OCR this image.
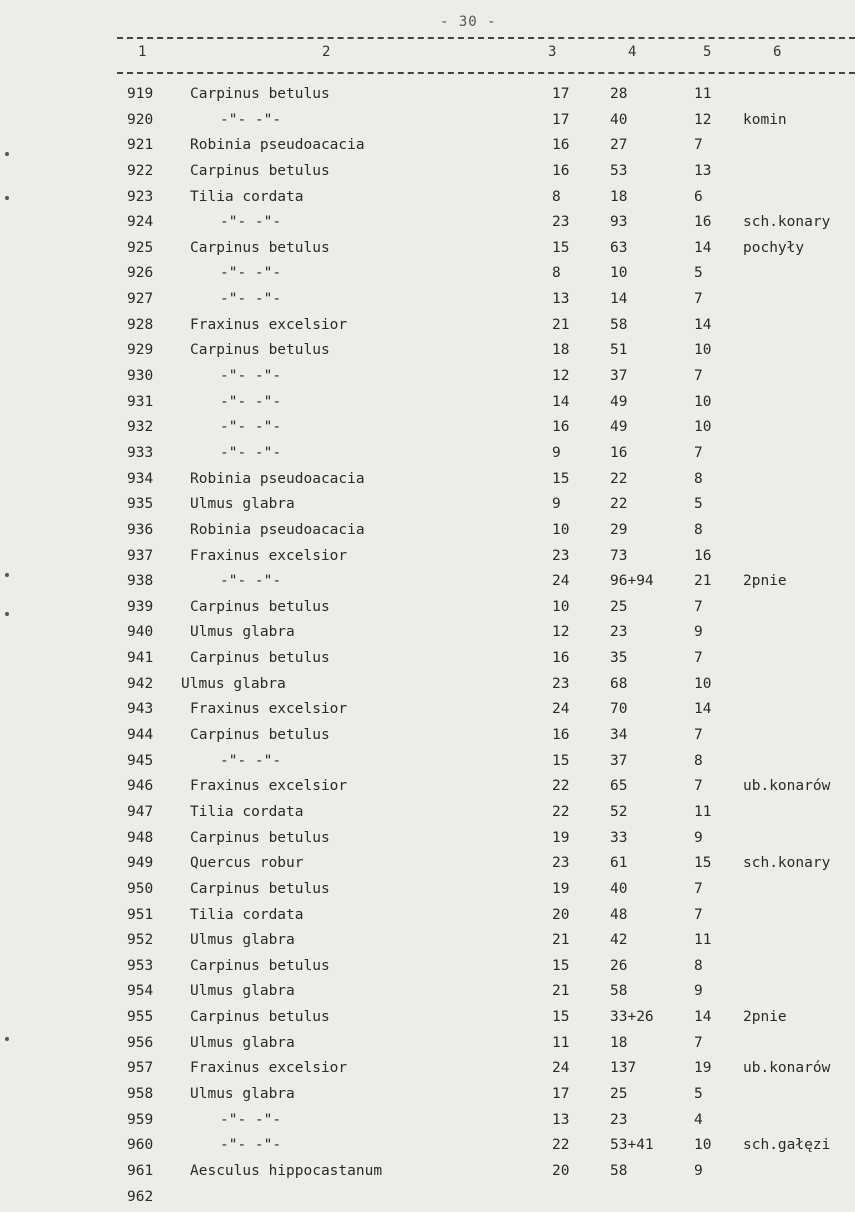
- 30 -
1	2	3	4	5	6
919	Carpinus betulus	17	28	11
920	-"- -"-	17	40	12 komin
921	Robinia pseudoacacia	16	27	7
922	Carpinus betulus	16	53	13
923	Tilia cordata	8	18	6
924	-"- -"-	23	93	16 sch.konary
925	Carpinus betulus	15	63	14 pochyły
926	-"- -"-	8	10	5
927	-"- -"-	13	14	7
928	Fraxinus excelsior	21	58	14
929	Carpinus betulus	18	51	10
930	-"- -"-	12	37	7
931	-"- -"-	14	49	10
932	-"- -"-	16	49	10
933	-"- -"-	9	16	7
934	Robinia pseudoacacia	15	22	8
935	Ulmus glabra	9	22	5
936	Robinia pseudoacacia	10	29	8
937	Fraxinus excelsior	23	73	16
938	-"- -"-	24	96+94	21 2pnie
939	Carpinus betulus	10	25	7
940	Ulmus glabra	12	23	9
941	Carpinus betulus	16	35	7
942 Ulmus glabra	23	68	10
943	Fraxinus excelsior	24	70	14
944	Carpinus betulus	16	34	7
945	-"- -"-	15	37	8
946	Fraxinus excelsior	22	65	7	ub.konarów
947	Tilia cordata	22	52	11
948	Carpinus betulus	19	33	9
949	Quercus robur	23	61	15 sch.konary
950	Carpinus betulus	19	40	7
951	Tilia cordata	20	48	7
952	Ulmus glabra	21	42	11
953	Carpinus betulus	15	26	8
954	Ulmus glabra	21	58	9
955	Carpinus betulus	15	33+26	14 2pnie
956	Ulmus glabra	11	18	7
957	Fraxinus excelsior	24	137	19 ub.konarów
958	Ulmus glabra	17	25	5
959	-"- -"-	13	23	4
960	-"- -"-	22	53+41	10 sch.gałęzi
961	Aesculus hippocastanum	20	58	9
962
